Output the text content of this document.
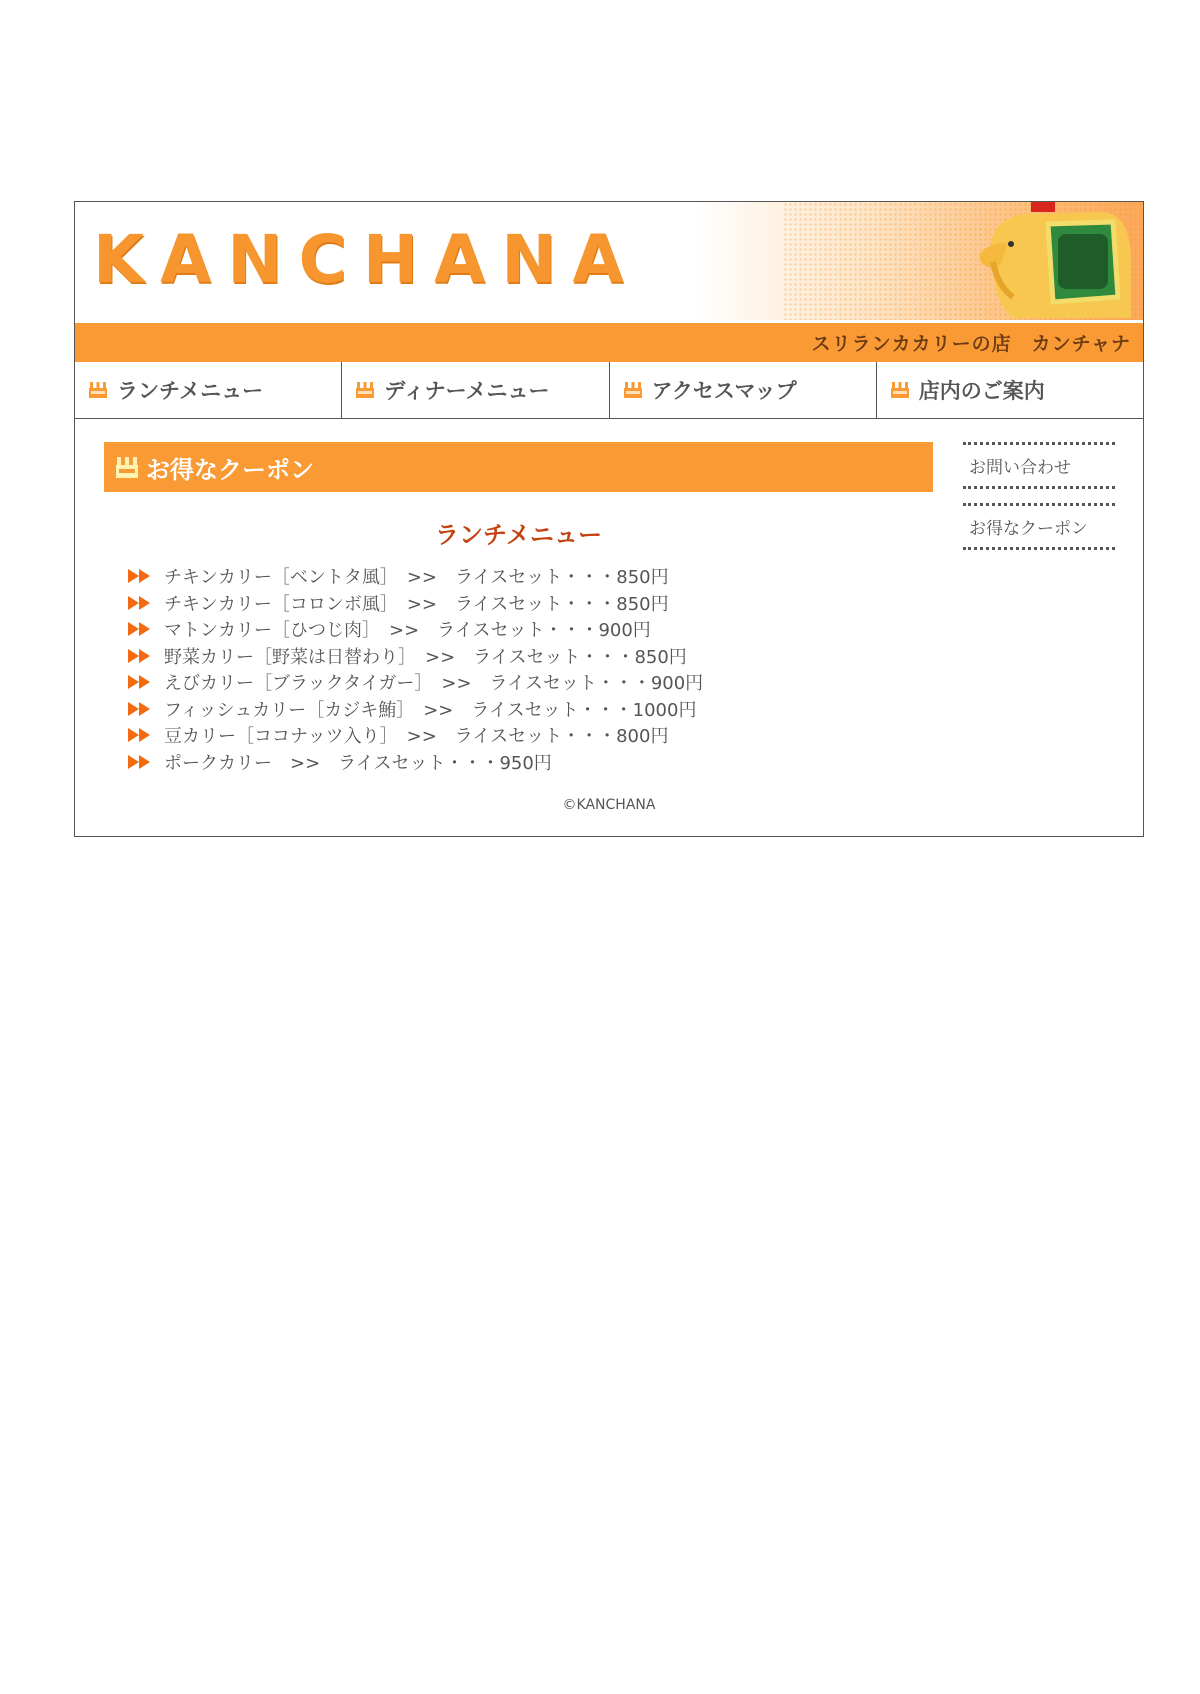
KANCHANA
スリランカカリーの店　カンチャナ
ランチメニュー	ディナーメニュー	アクセスマップ	店内のご案内
お得なクーポン
ランチメニュー
チキンカリー［ベントタ風］　>>　ライスセット・・・850円
チキンカリー［コロンボ風］　>>　ライスセット・・・850円
マトンカリー［ひつじ肉］　>>　ライスセット・・・900円
野菜カリー［野菜は日替わり］　>>　ライスセット・・・850円
えびカリー［ブラックタイガー］　>>　ライスセット・・・900円
フィッシュカリー［カジキ鮪］　>>　ライスセット・・・1000円
豆カリー［ココナッツ入り］　>>　ライスセット・・・800円
ポークカリー　>>　ライスセット・・・950円
お問い合わせ
お得なクーポン
©KANCHANA
